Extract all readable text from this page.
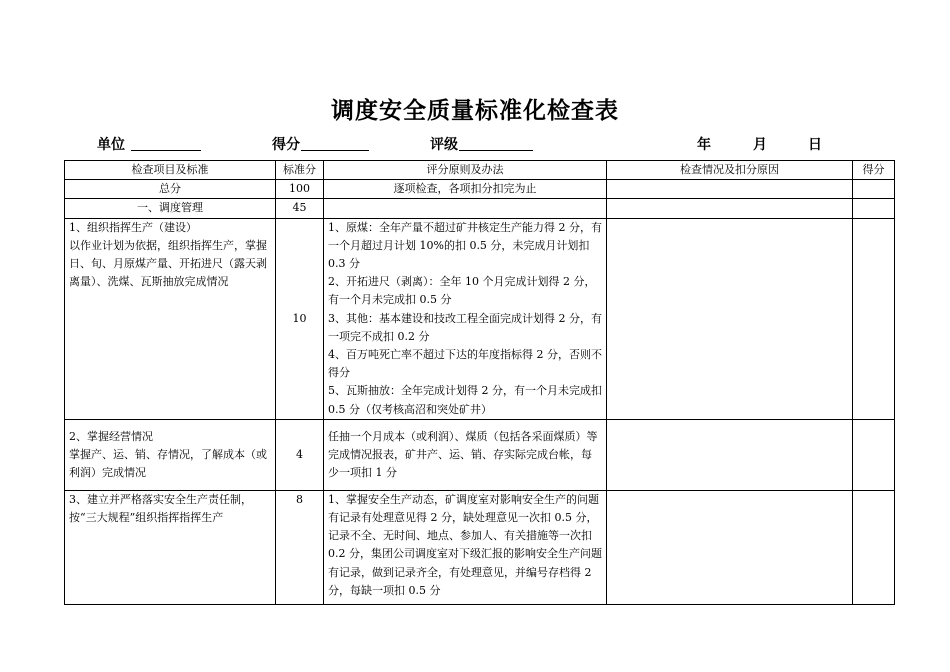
调度安全质量标准化检查表
单位	得分	评级	年	月	日
检查项目及标准	标准分	评分原则及办法	检查情况及扣分原因	得分
总分	100	逐项检查，各项扣分扣完为止		
一、调度管理	45			

1、组织指挥生产（建设）
以作业计划为依据，组织指挥生产，掌握日、旬、月原煤产量、开拓进尺（露天剥离量）、洗煤、瓦斯抽放完成情况	10	1、原煤：全年产量不超过矿井核定生产能力得 2 分，有一个月超过月计划 10%的扣 0.5 分，未完成月计划扣 0.3 分
2、开拓进尺（剥离）：全年 10 个月完成计划得 2 分，有一个月未完成扣 0.5 分
3、其他：基本建设和技改工程全面完成计划得 2 分，有一项完不成扣 0.2 分
4、百万吨死亡率不超过下达的年度指标得 2 分，否则不得分
5、瓦斯抽放：全年完成计划得 2 分，有一个月未完成扣 0.5 分（仅考核高沼和突处矿井）		

2、掌握经营情况
掌握产、运、销、存情况，了解成本（或利润）完成情况	4	任抽一个月成本（或利润）、煤质（包括各采面煤质）等完成情况报表，矿井产、运、销、存实际完成台帐，每少一项扣 1 分		

3、建立并严格落实安全生产责任制，按“三大规程”组织指挥指挥生产	8	1、掌握安全生产动态，矿调度室对影响安全生产的问题有记录有处理意见得 2 分，缺处理意见一次扣 0.5 分，记录不全、无时间、地点、参加人、有关措施等一次扣 0.2 分，集团公司调度室对下级汇报的影响安全生产问题有记录，做到记录齐全，有处理意见，并编号存档得 2 分，每缺一项扣 0.5 分		
